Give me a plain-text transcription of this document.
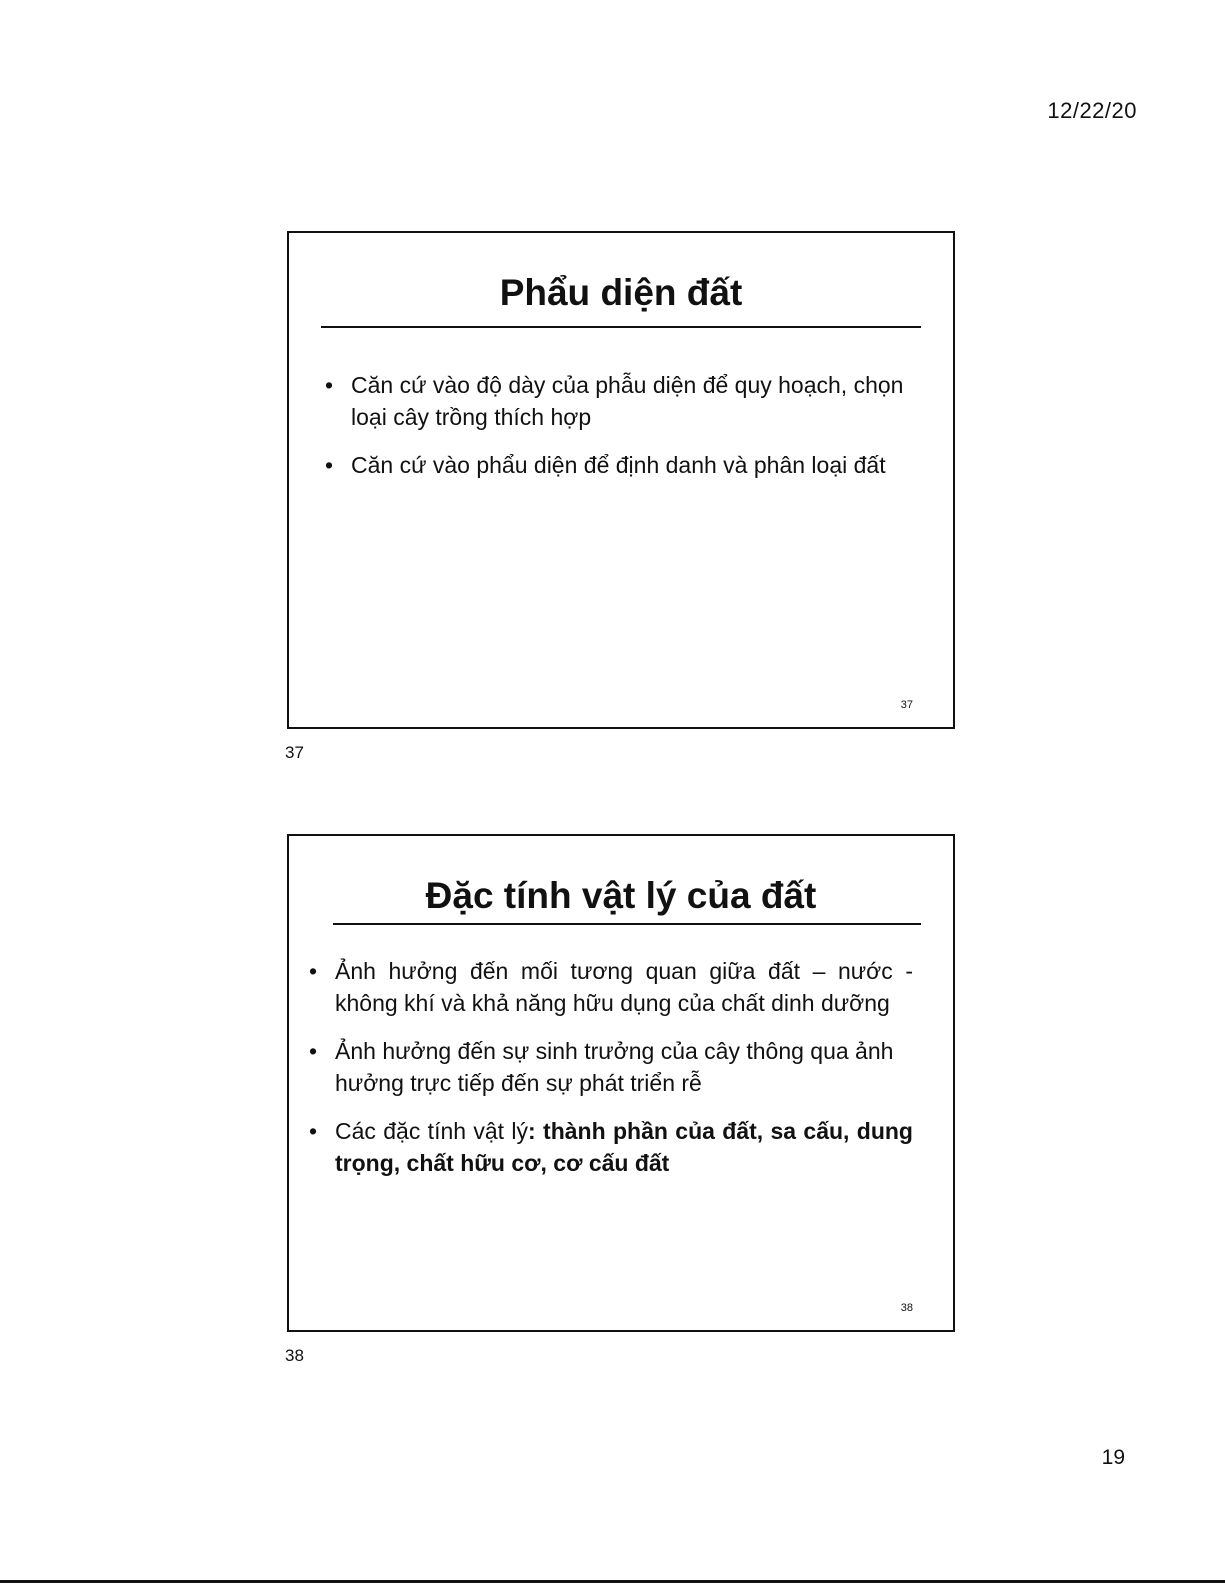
12/22/20
Phẩu diện đất
• Căn cứ vào độ dày của phẫu diện để quy hoạch, chọn loại cây trồng thích hợp
• Căn cứ vào phẩu diện để định danh và phân loại đất
37
37
Đặc tính vật lý của đất
• Ảnh hưởng đến mối tương quan giữa đất – nước - không khí và khả năng hữu dụng của chất dinh dưỡng
• Ảnh hưởng đến sự sinh trưởng của cây thông qua ảnh hưởng trực tiếp đến sự phát triển rễ
• Các đặc tính vật lý: thành phần của đất, sa cấu, dung trọng, chất hữu cơ, cơ cấu đất
38
38
19
